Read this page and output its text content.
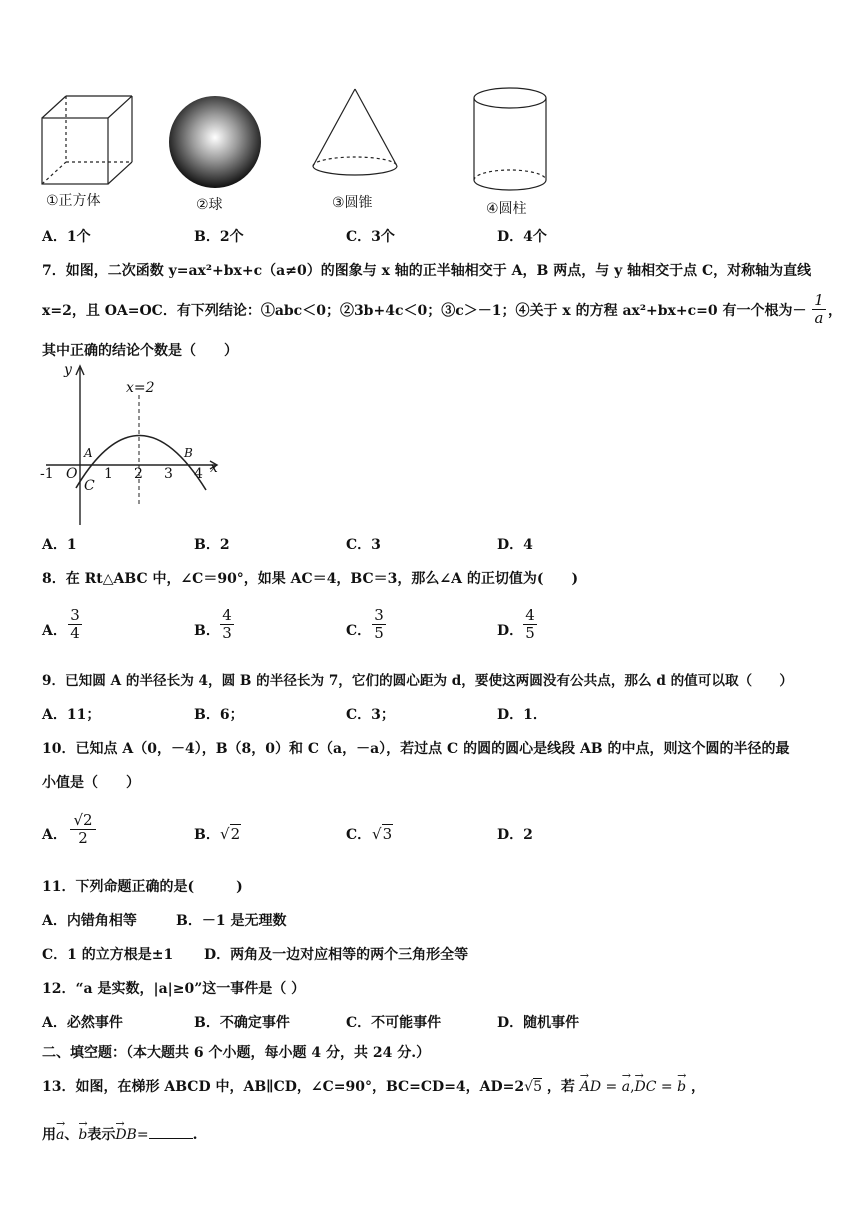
①正方体	②球	③圆锥	④圆柱
A．1个	B．2个	C．3个	D．4个
7．如图，二次函数 y=ax²+bx+c（a≠0）的图象与 x 轴的正半轴相交于 A，B 两点，与 y 轴相交于点 C，对称轴为直线
x=2，且 OA=OC．有下列结论：①abc＜0；②3b+4c＜0；③c＞－1；④关于 x 的方程 ax²+bx+c=0 有一个根为－
1
a ，
其中正确的结论个数是（　　）
y
x
x=2
A	B
C
O
-1	1 2 3 4
A．1	B．2	C．3	D．4
8．在 Rt△ABC 中，∠C＝90°，如果 AC＝4，BC＝3，那么∠A 的正切值为(　　)
A．
3
4	B．
4
3	C．
3
5	D．
4
5
9．已知圆 A 的半径长为 4，圆 B 的半径长为 7，它们的圆心距为 d，要使这两圆没有公共点，那么 d 的值可以取（　　）
A．11；	B．6；	C．3；	D．1．
10．已知点 A（0，－4），B（8，0）和 C（a，－a），若过点 C 的圆的圆心是线段 AB 的中点，则这个圆的半径的最
小值是（　　）
A．
√2
2	B． √2	C． √3	D．2
11．下列命题正确的是(　　　)
A．内错角相等	B．－1 是无理数
C．1 的立方根是±1 D．两角及一边对应相等的两个三角形全等
12．“a 是实数，|a|≥0”这一事件是（ ）
A．必然事件	B．不确定事件	C．不可能事件	D．随机事件
二、填空题：（本大题共 6 个小题，每小题 4 分，共 24 分.）
13．如图，在梯形 ABCD 中，AB∥CD，∠C=90°，BC=CD=4，AD=2√5 ，若 → AD = → a,→ DC = → b ，
用→ a、→ b表示→ DB=	.
